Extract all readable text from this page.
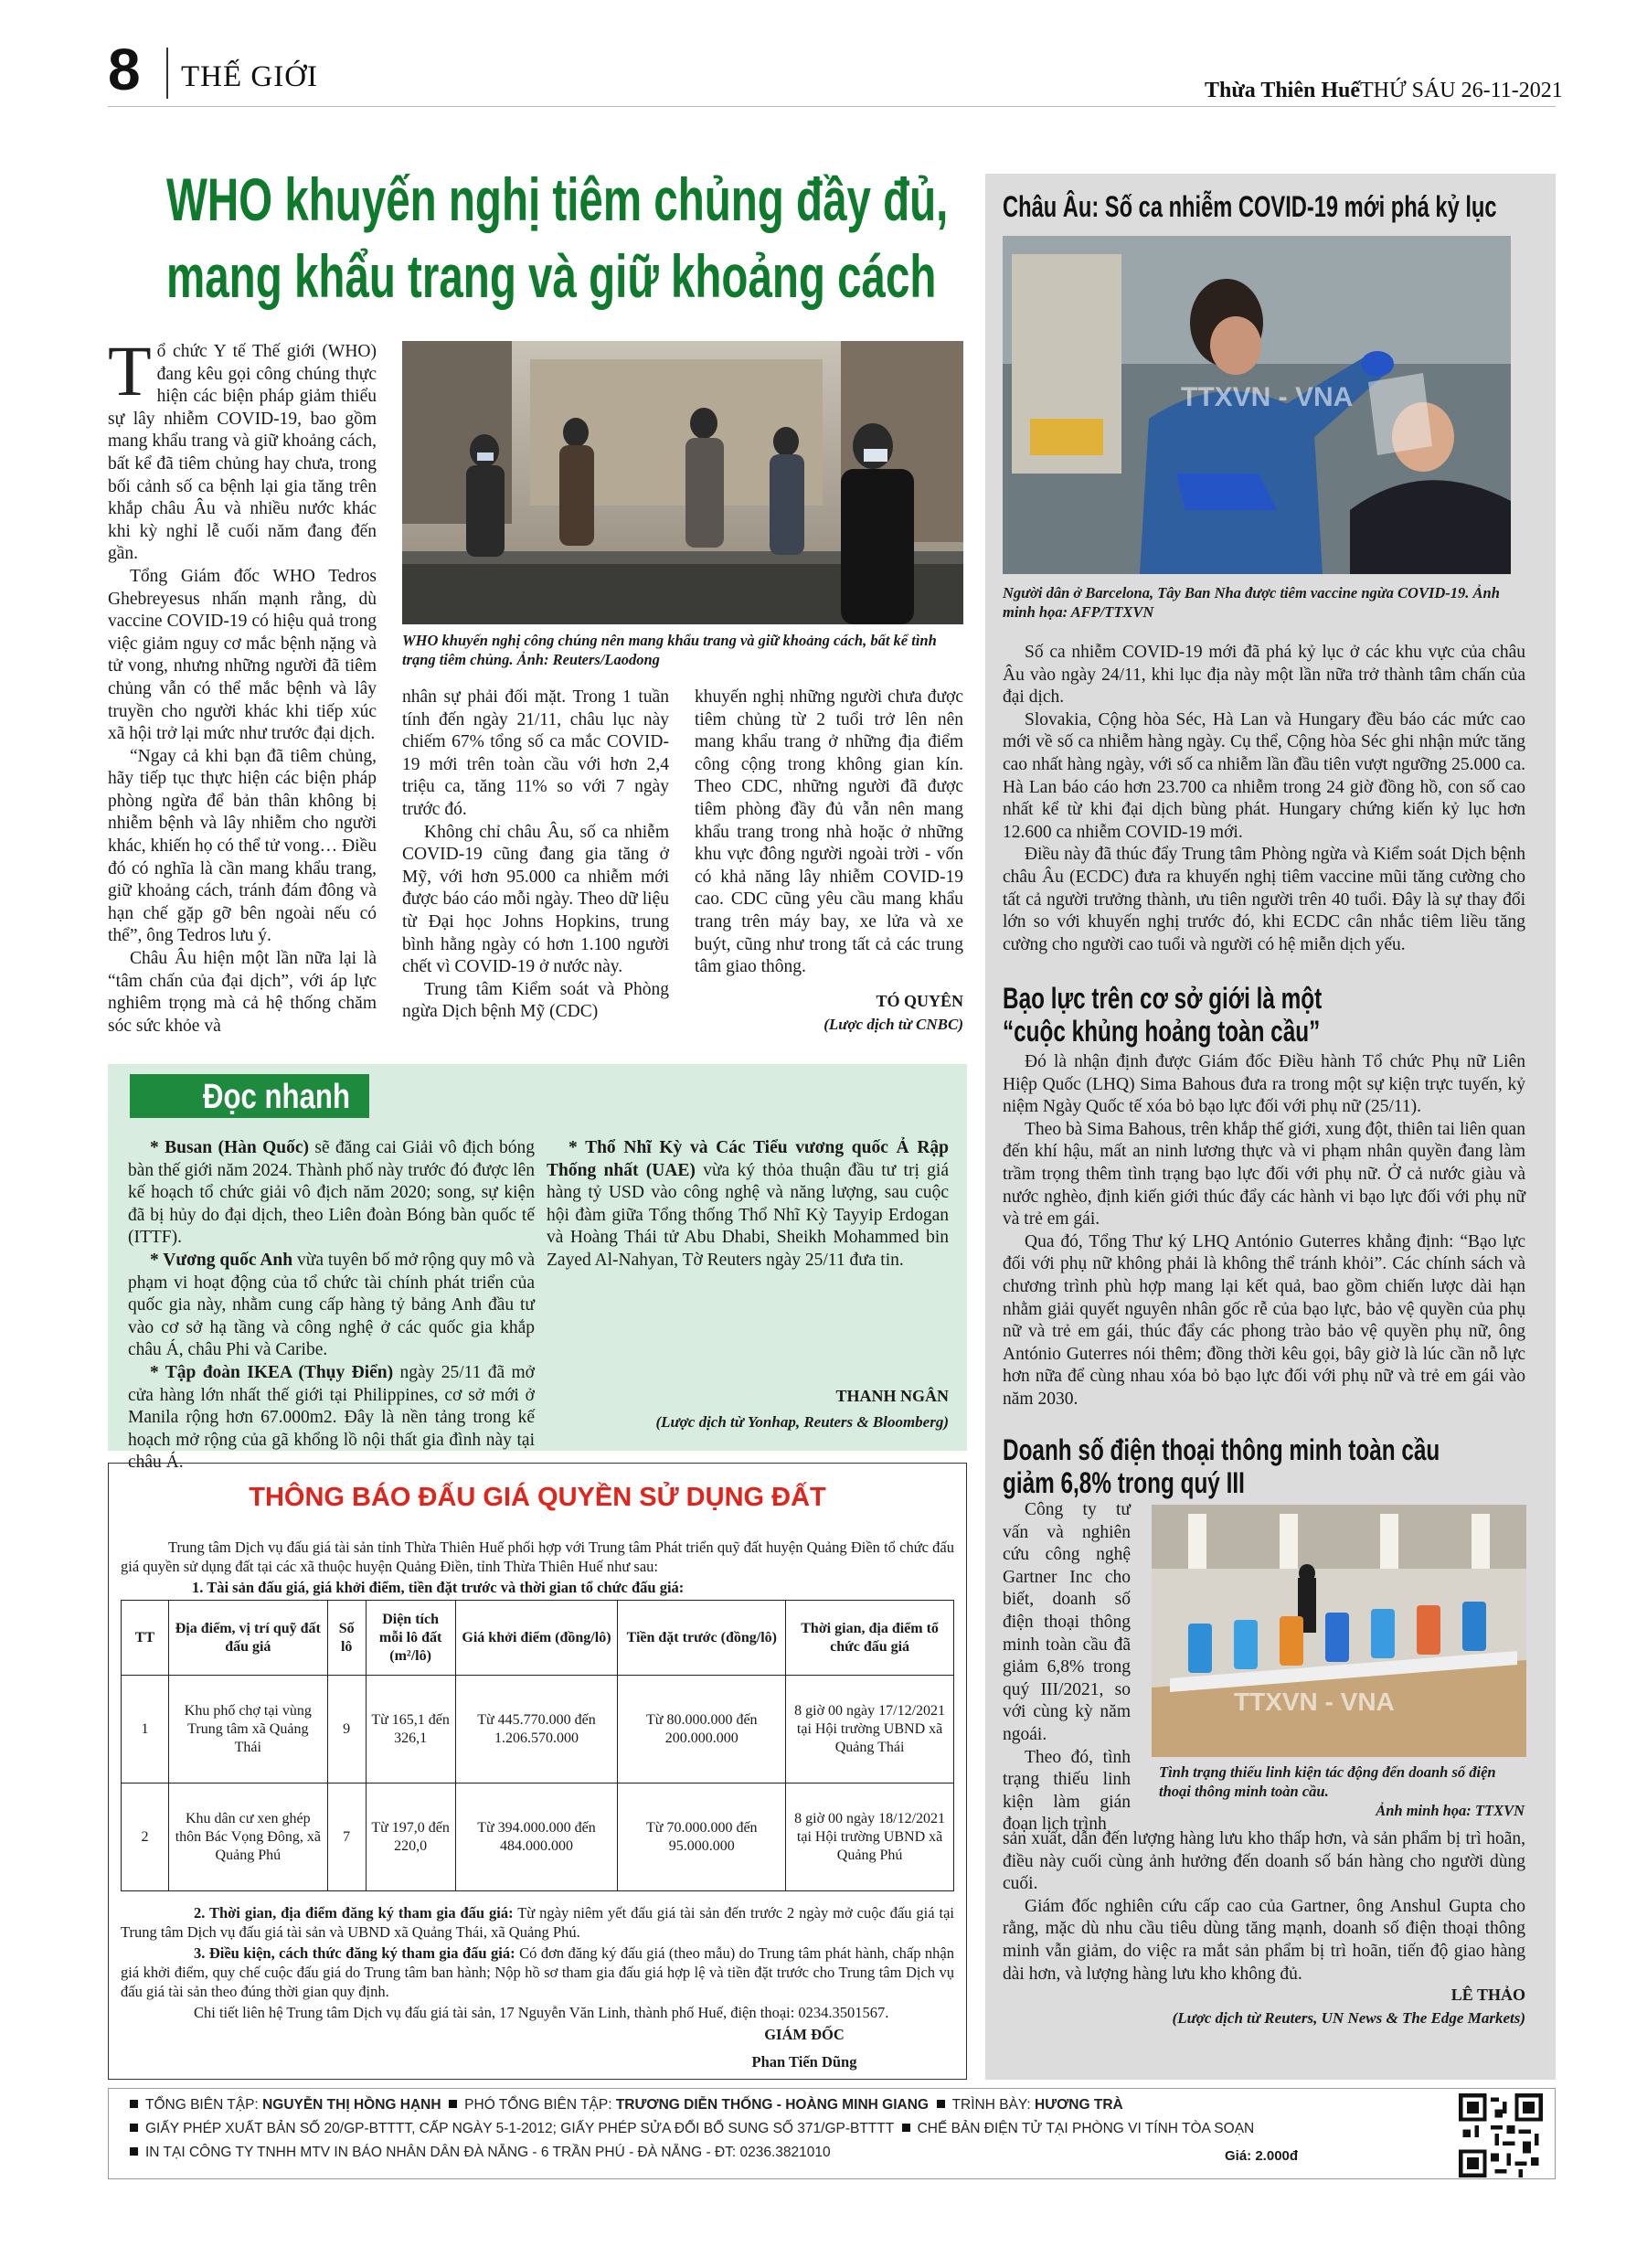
8 THẾ GIỚI	Thừa Thiên Huế THỨ SÁU 26-11-2021
WHO khuyến nghị tiêm chủng đầy đủ,
mang khẩu trang và giữ khoảng cách

Tổ chức Y tế Thế giới (WHO) đang kêu gọi công chúng thực hiện các biện pháp giảm thiểu sự lây nhiễm COVID-19, bao gồm mang khẩu trang và giữ khoảng cách, bất kể đã tiêm chủng hay chưa, trong bối cảnh số ca bệnh lại gia tăng trên khắp châu Âu và nhiều nước khác khi kỳ nghỉ lễ cuối năm đang đến gần.

Tổng Giám đốc WHO Tedros Ghebreyesus nhấn mạnh rằng, dù vaccine COVID-19 có hiệu quả trong việc giảm nguy cơ mắc bệnh nặng và tử vong, nhưng những người đã tiêm chủng vẫn có thể mắc bệnh và lây truyền cho người khác khi tiếp xúc xã hội trở lại mức như trước đại dịch.

“Ngay cả khi bạn đã tiêm chủng, hãy tiếp tục thực hiện các biện pháp phòng ngừa để bản thân không bị nhiễm bệnh và lây nhiễm cho người khác, khiến họ có thể tử vong… Điều đó có nghĩa là cần mang khẩu trang, giữ khoảng cách, tránh đám đông và hạn chế gặp gỡ bên ngoài nếu có thể”, ông Tedros lưu ý.

Châu Âu hiện một lần nữa lại là “tâm chấn của đại dịch”, với áp lực nghiêm trọng mà cả hệ thống chăm sóc sức khỏe và

WHO khuyến nghị công chúng nên mang khẩu trang và giữ khoảng cách, bất kể tình trạng tiêm chủng. Ảnh: Reuters/Laodong

nhân sự phải đối mặt. Trong 1 tuần tính đến ngày 21/11, châu lục này chiếm 67% tổng số ca mắc COVID-19 mới trên toàn cầu với hơn 2,4 triệu ca, tăng 11% so với 7 ngày trước đó.

Không chỉ châu Âu, số ca nhiễm COVID-19 cũng đang gia tăng ở Mỹ, với hơn 95.000 ca nhiễm mới được báo cáo mỗi ngày. Theo dữ liệu từ Đại học Johns Hopkins, trung bình hằng ngày có hơn 1.100 người chết vì COVID-19 ở nước này.

Trung tâm Kiểm soát và Phòng ngừa Dịch bệnh Mỹ (CDC)

khuyến nghị những người chưa được tiêm chủng từ 2 tuổi trở lên nên mang khẩu trang ở những địa điểm công cộng trong không gian kín. Theo CDC, những người đã được tiêm phòng đầy đủ vẫn nên mang khẩu trang trong nhà hoặc ở những khu vực đông người ngoài trời - vốn có khả năng lây nhiễm COVID-19 cao. CDC cũng yêu cầu mang khẩu trang trên máy bay, xe lửa và xe buýt, cũng như trong tất cả các trung tâm giao thông.

TÓ QUYÊN
(Lược dịch từ CNBC)
Đọc nhanh

* Busan (Hàn Quốc) sẽ đăng cai Giải vô địch bóng bàn thế giới năm 2024. Thành phố này trước đó được lên kế hoạch tổ chức giải vô địch năm 2020; song, sự kiện đã bị hủy do đại dịch, theo Liên đoàn Bóng bàn quốc tế (ITTF).

* Vương quốc Anh vừa tuyên bố mở rộng quy mô và phạm vi hoạt động của tổ chức tài chính phát triển của quốc gia này, nhằm cung cấp hàng tỷ bảng Anh đầu tư vào cơ sở hạ tầng và công nghệ ở các quốc gia khắp châu Á, châu Phi và Caribe.

* Tập đoàn IKEA (Thụy Điển) ngày 25/11 đã mở cửa hàng lớn nhất thế giới tại Philippines, cơ sở mới ở Manila rộng hơn 67.000m2. Đây là nền tảng trong kế hoạch mở rộng của gã khổng lồ nội thất gia đình này tại châu Á.

* Thổ Nhĩ Kỳ và Các Tiểu vương quốc Ả Rập Thống nhất (UAE) vừa ký thỏa thuận đầu tư trị giá hàng tỷ USD vào công nghệ và năng lượng, sau cuộc hội đàm giữa Tổng thống Thổ Nhĩ Kỳ Tayyip Erdogan và Hoàng Thái tử Abu Dhabi, Sheikh Mohammed bin Zayed Al-Nahyan, Tờ Reuters ngày 25/11 đưa tin.

THANH NGÂN
(Lược dịch từ Yonhap, Reuters & Bloomberg)
THÔNG BÁO ĐẤU GIÁ QUYỀN SỬ DỤNG ĐẤT
Trung tâm Dịch vụ đấu giá tài sản tỉnh Thừa Thiên Huế phối hợp với Trung tâm Phát triển quỹ đất huyện Quảng Điền tổ chức đấu giá quyền sử dụng đất tại các xã thuộc huyện Quảng Điền, tỉnh Thừa Thiên Huế như sau:
1. Tài sản đấu giá, giá khởi điểm, tiền đặt trước và thời gian tổ chức đấu giá:
TT	Địa điểm, vị trí quỹ đất đấu giá	Số lô	Diện tích mỗi lô đất (m²/lô)	Giá khởi điểm (đồng/lô)	Tiền đặt trước (đồng/lô)	Thời gian, địa điểm tổ chức đấu giá
1	Khu phố chợ tại vùng Trung tâm xã Quảng Thái	9	Từ 165,1 đến 326,1	Từ 445.770.000 đến 1.206.570.000	Từ 80.000.000 đến 200.000.000	8 giờ 00 ngày 17/12/2021 tại Hội trường UBND xã Quảng Thái
2	Khu dân cư xen ghép thôn Bác Vọng Đông, xã Quảng Phú	7	Từ 197,0 đến 220,0	Từ 394.000.000 đến 484.000.000	Từ 70.000.000 đến 95.000.000	8 giờ 00 ngày 18/12/2021 tại Hội trường UBND xã Quảng Phú
2. Thời gian, địa điểm đăng ký tham gia đấu giá: Từ ngày niêm yết đấu giá tài sản đến trước 2 ngày mở cuộc đấu giá tại Trung tâm Dịch vụ đấu giá tài sản và UBND xã Quảng Thái, xã Quảng Phú.
3. Điều kiện, cách thức đăng ký tham gia đấu giá: Có đơn đăng ký đấu giá (theo mẫu) do Trung tâm phát hành, chấp nhận giá khởi điểm, quy chế cuộc đấu giá do Trung tâm ban hành; Nộp hồ sơ tham gia đấu giá hợp lệ và tiền đặt trước cho Trung tâm Dịch vụ đấu giá tài sản theo đúng thời gian quy định.
Chi tiết liên hệ Trung tâm Dịch vụ đấu giá tài sản, 17 Nguyễn Văn Linh, thành phố Huế, điện thoại: 0234.3501567.
GIÁM ĐỐC
Phan Tiến Dũng
Châu Âu: Số ca nhiễm COVID-19 mới phá kỷ lục
TTXVN - VNA
Người dân ở Barcelona, Tây Ban Nha được tiêm vaccine ngừa COVID-19. Ảnh minh họa: AFP/TTXVN

Số ca nhiễm COVID-19 mới đã phá kỷ lục ở các khu vực của châu Âu vào ngày 24/11, khi lục địa này một lần nữa trở thành tâm chấn của đại dịch.

Slovakia, Cộng hòa Séc, Hà Lan và Hungary đều báo các mức cao mới về số ca nhiễm hàng ngày. Cụ thể, Cộng hòa Séc ghi nhận mức tăng cao nhất hàng ngày, với số ca nhiễm lần đầu tiên vượt ngưỡng 25.000 ca. Hà Lan báo cáo hơn 23.700 ca nhiễm trong 24 giờ đồng hồ, con số cao nhất kể từ khi đại dịch bùng phát. Hungary chứng kiến kỷ lục hơn 12.600 ca nhiễm COVID-19 mới.

Điều này đã thúc đẩy Trung tâm Phòng ngừa và Kiểm soát Dịch bệnh châu Âu (ECDC) đưa ra khuyến nghị tiêm vaccine mũi tăng cường cho tất cả người trưởng thành, ưu tiên người trên 40 tuổi. Đây là sự thay đổi lớn so với khuyến nghị trước đó, khi ECDC cân nhắc tiêm liều tăng cường cho người cao tuổi và người có hệ miễn dịch yếu.

Bạo lực trên cơ sở giới là một
“cuộc khủng hoảng toàn cầu”

Đó là nhận định được Giám đốc Điều hành Tổ chức Phụ nữ Liên Hiệp Quốc (LHQ) Sima Bahous đưa ra trong một sự kiện trực tuyến, kỷ niệm Ngày Quốc tế xóa bỏ bạo lực đối với phụ nữ (25/11).

Theo bà Sima Bahous, trên khắp thế giới, xung đột, thiên tai liên quan đến khí hậu, mất an ninh lương thực và vi phạm nhân quyền đang làm trầm trọng thêm tình trạng bạo lực đối với phụ nữ. Ở cả nước giàu và nước nghèo, định kiến giới thúc đẩy các hành vi bạo lực đối với phụ nữ và trẻ em gái.

Qua đó, Tổng Thư ký LHQ António Guterres khẳng định: “Bạo lực đối với phụ nữ không phải là không thể tránh khỏi”. Các chính sách và chương trình phù hợp mang lại kết quả, bao gồm chiến lược dài hạn nhằm giải quyết nguyên nhân gốc rễ của bạo lực, bảo vệ quyền của phụ nữ và trẻ em gái, thúc đẩy các phong trào bảo vệ quyền phụ nữ, ông António Guterres nói thêm; đồng thời kêu gọi, bây giờ là lúc cần nỗ lực hơn nữa để cùng nhau xóa bỏ bạo lực đối với phụ nữ và trẻ em gái vào năm 2030.

Doanh số điện thoại thông minh toàn cầu
giảm 6,8% trong quý III

Công ty tư vấn và nghiên cứu công nghệ Gartner Inc cho biết, doanh số điện thoại thông minh toàn cầu đã giảm 6,8% trong quý III/2021, so với cùng kỳ năm ngoái.

Theo đó, tình trạng thiếu linh kiện làm gián đoạn lịch trình

TTXVN - VNA
Tình trạng thiếu linh kiện tác động đến doanh số điện thoại thông minh toàn cầu.
Ảnh minh họa: TTXVN

sản xuất, dẫn đến lượng hàng lưu kho thấp hơn, và sản phẩm bị trì hoãn, điều này cuối cùng ảnh hưởng đến doanh số bán hàng cho người dùng cuối.

Giám đốc nghiên cứu cấp cao của Gartner, ông Anshul Gupta cho rằng, mặc dù nhu cầu tiêu dùng tăng mạnh, doanh số điện thoại thông minh vẫn giảm, do việc ra mắt sản phẩm bị trì hoãn, tiến độ giao hàng dài hơn, và lượng hàng lưu kho không đủ.

LÊ THẢO
(Lược dịch từ Reuters, UN News & The Edge Markets)
TỔNG BIÊN TẬP: NGUYỄN THỊ HỒNG HẠNH PHÓ TỔNG BIÊN TẬP: TRƯƠNG DIỄN THỐNG - HOÀNG MINH GIANG TRÌNH BÀY: HƯƠNG TRÀ
GIẤY PHÉP XUẤT BẢN SỐ 20/GP-BTTTT, CẤP NGÀY 5-1-2012; GIẤY PHÉP SỬA ĐỔI BỔ SUNG SỐ 371/GP-BTTTT CHẾ BẢN ĐIỆN TỬ TẠI PHÒNG VI TÍNH TÒA SOẠN
IN TẠI CÔNG TY TNHH MTV IN BÁO NHÂN DÂN ĐÀ NẴNG - 6 TRẦN PHÚ - ĐÀ NẴNG - ĐT: 0236.3821010	Giá: 2.000đ
